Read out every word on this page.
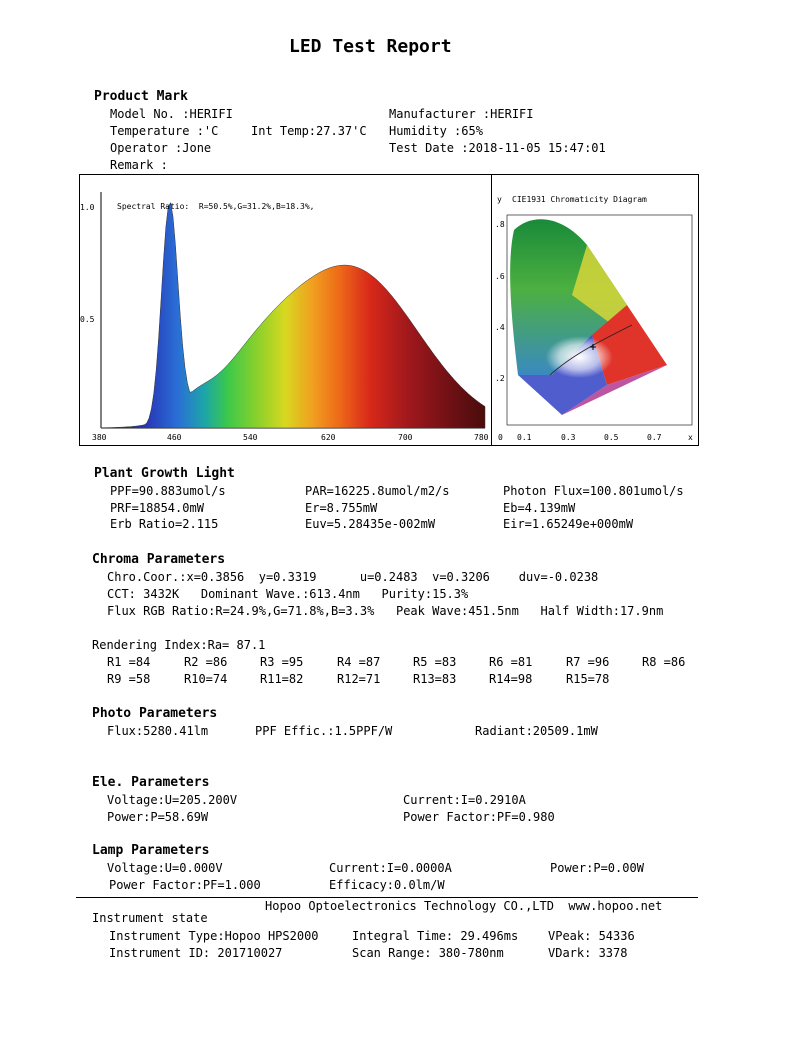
LED Test Report
Product Mark
Model No. :HERIFI	Manufacturer :HERIFI
Temperature :'C	Int Temp:27.37'C Humidity :65%
Operator :Jone	Test Date :2018-11-05 15:47:01
Remark :
1.0
0.5
Spectral Ratio:  R=50.5%,G=31.2%,B=18.3%,
380	460	540	620	700	780
y CIE1931 Chromaticity Diagram
.8
.6
.4
.2
0 0.1	0.3	0.5	0.7	x
Plant Growth Light
PPF=90.883umol/s	PAR=16225.8umol/m2/s	Photon Flux=100.801umol/s
PRF=18854.0mW	Er=8.755mW	Eb=4.139mW
Erb Ratio=2.115	Euv=5.28435e-002mW	Eir=1.65249e+000mW
Chroma Parameters
Chro.Coor.:x=0.3856  y=0.3319      u=0.2483  v=0.3206    duv=-0.0238
CCT: 3432K   Dominant Wave.:613.4nm   Purity:15.3%
Flux RGB Ratio:R=24.9%,G=71.8%,B=3.3%   Peak Wave:451.5nm   Half Width:17.9nm
Rendering Index:Ra= 87.1
R1 =84	R2 =86	R3 =95	R4 =87	R5 =83	R6 =81	R7 =96	R8 =86
R9 =58	R10=74	R11=82	R12=71	R13=83	R14=98	R15=78
Photo Parameters
Flux:5280.41lm	PPF Effic.:1.5PPF/W	Radiant:20509.1mW
Ele. Parameters
Voltage:U=205.200V	Current:I=0.2910A
Power:P=58.69W	Power Factor:PF=0.980
Lamp Parameters
Voltage:U=0.000V	Current:I=0.0000A	Power:P=0.00W
Power Factor:PF=1.000	Efficacy:0.0lm/W
Hopoo Optoelectronics Technology CO.,LTD  www.hopoo.net
Instrument state
Instrument Type:Hopoo HPS2000	Integral Time: 29.496ms VPeak: 54336
Instrument ID: 201710027	Scan Range: 380-780nm	VDark: 3378
